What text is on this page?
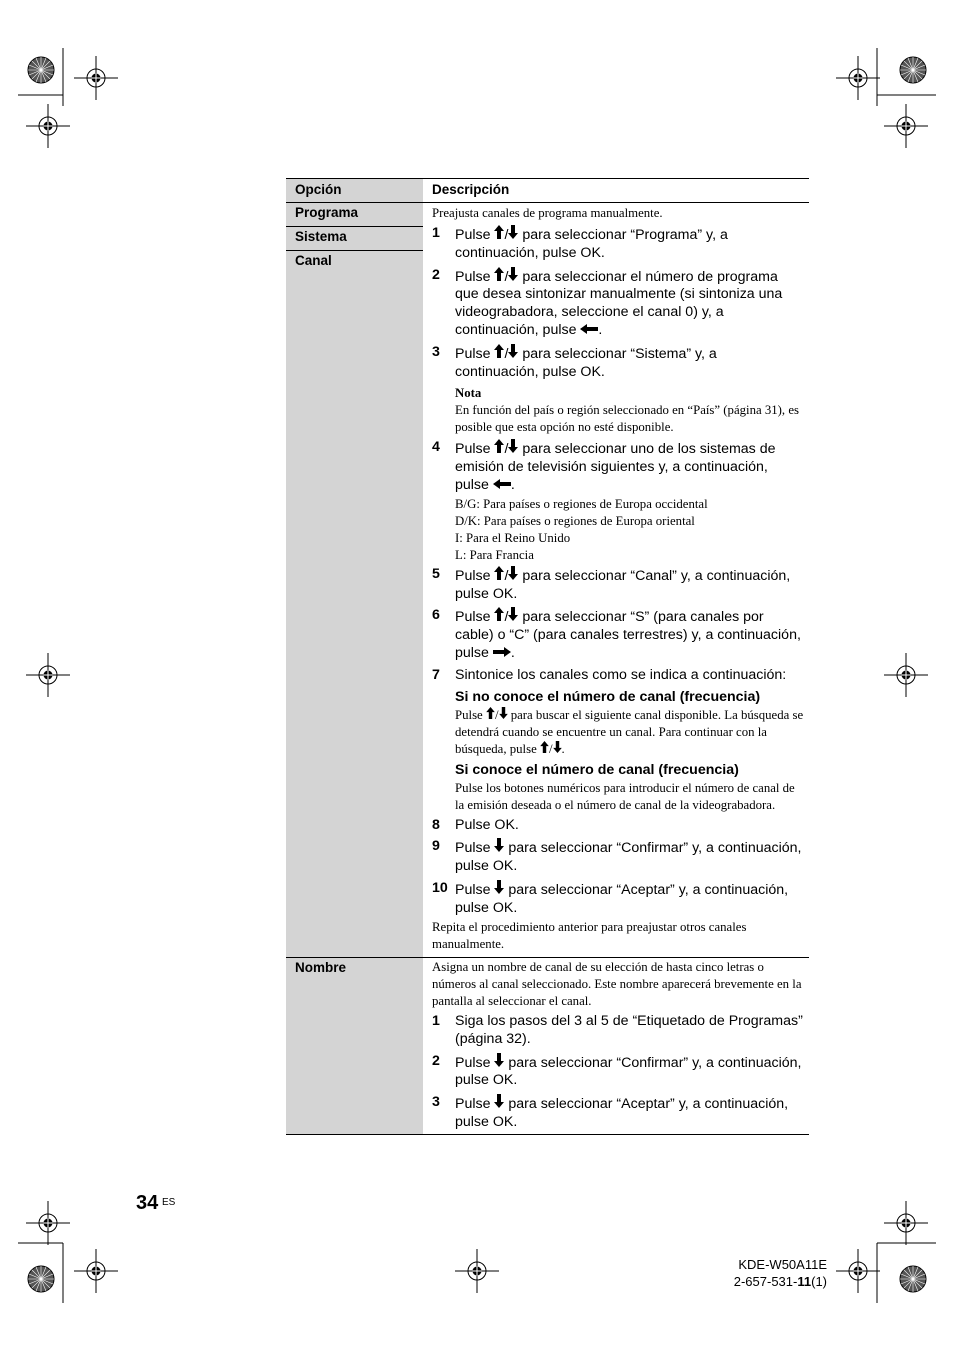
Opción	Descripción
Programa
Sistema
Canal

Preajusta canales de programa manualmente.

1 Pulse / para seleccionar “Programa” y, a continuación, pulse OK.

2 Pulse / para seleccionar el número de programa que desea sintonizar manualmente (si sintoniza una videograbadora, seleccione el canal 0) y, a continuación, pulse .

3 Pulse / para seleccionar “Sistema” y, a continuación, pulse OK.

Nota

En función del país o región seleccionado en “País” (página 31), es posible que esta opción no esté disponible.

4 Pulse / para seleccionar uno de los sistemas de emisión de televisión siguientes y, a continuación, pulse .

B/G: Para países o regiones de Europa occidental

D/K: Para países o regiones de Europa oriental

I: Para el Reino Unido

L: Para Francia

5 Pulse / para seleccionar “Canal” y, a continuación, pulse OK.

6 Pulse / para seleccionar “S” (para canales por cable) o “C” (para canales terrestres) y, a continuación, pulse .

7 Sintonice los canales como se indica a continuación:

Si no conoce el número de canal (frecuencia)

Pulse / para buscar el siguiente canal disponible. La búsqueda se detendrá cuando se encuentre un canal. Para continuar con la búsqueda, pulse / .

Si conoce el número de canal (frecuencia)

Pulse los botones numéricos para introducir el número de canal de la emisión deseada o el número de canal de la videograbadora.

8 Pulse OK.

9 Pulse  para seleccionar “Confirmar” y, a continuación, pulse OK.

10 Pulse  para seleccionar “Aceptar” y, a continuación, pulse OK.

Repita el procedimiento anterior para preajustar otros canales manualmente.

Nombre	Asigna un nombre de canal de su elección de hasta cinco letras o números al canal seleccionado. Este nombre aparecerá brevemente en la pantalla al seleccionar el canal.

1 Siga los pasos del 3 al 5 de “Etiquetado de Programas” (página 32).

2 Pulse  para seleccionar “Confirmar” y, a continuación, pulse OK.

3 Pulse  para seleccionar “Aceptar” y, a continuación, pulse OK.

34 ES
KDE-W50A11E
2-657-531-11(1)
